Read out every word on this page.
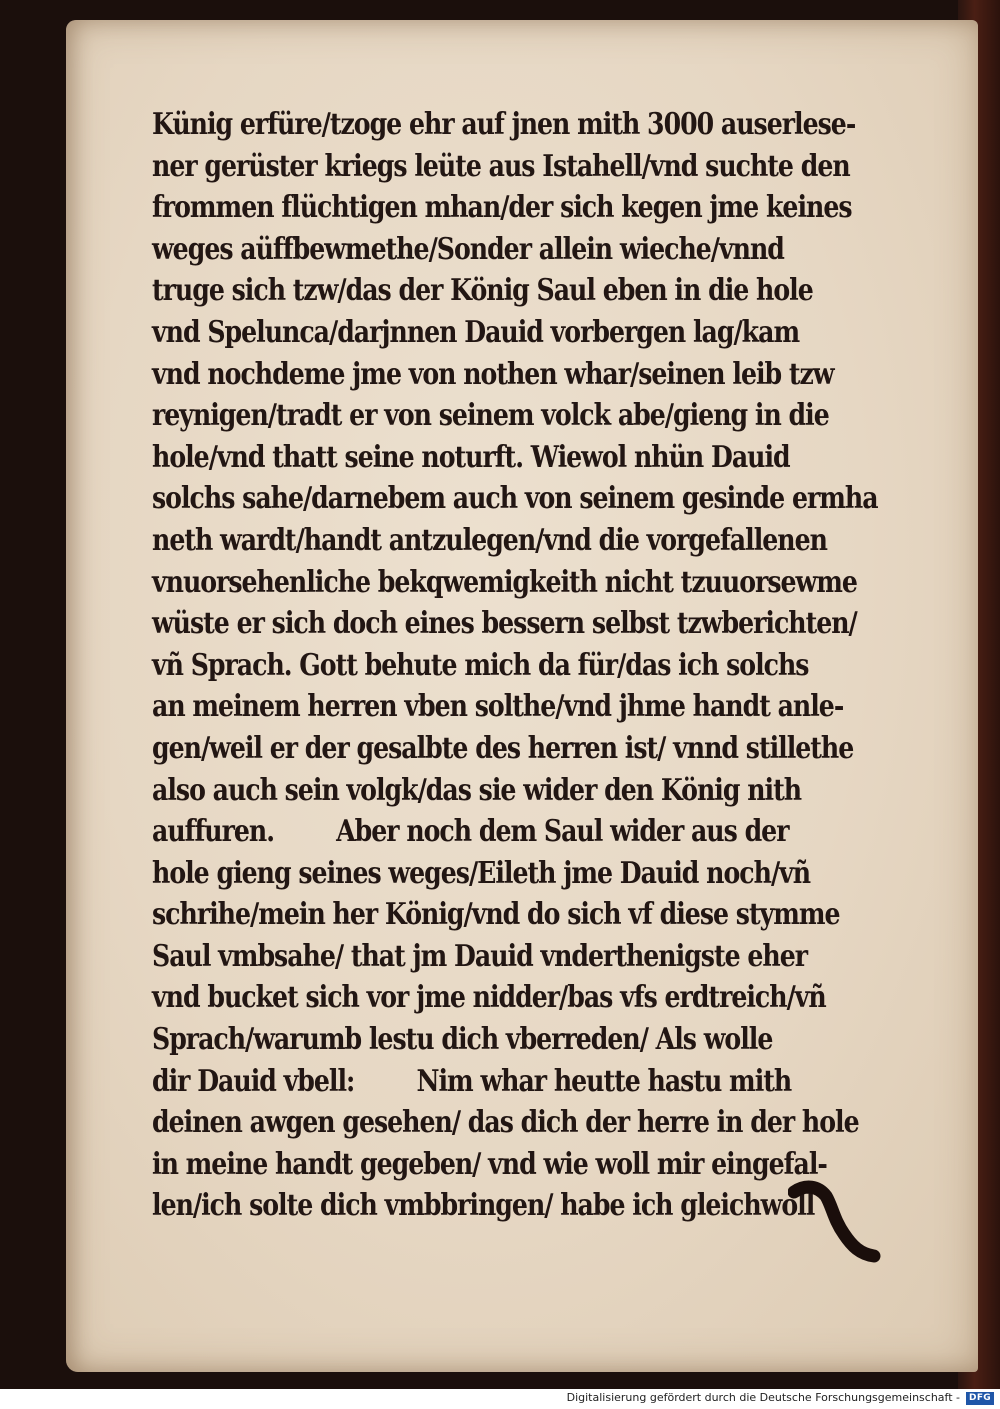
Künig erfüre/tzoge ehr auf jnen mith 3000 auserlese-
ner gerüster kriegs leüte aus Istahell/vnd suchte den
frommen flüchtigen mhan/der sich kegen jme keines
weges aüffbewmethe/Sonder allein wieche/vnnd
truge sich tzw/das der König Saul eben in die hole
vnd Spelunca/darjnnen Dauid vorbergen lag/kam
vnd nochdeme jme von nothen whar/seinen leib tzw
reynigen/tradt er von seinem volck abe/gieng in die
hole/vnd thatt seine noturft. Wiewol nhün Dauid
solchs sahe/darnebem auch von seinem gesinde ermha
neth wardt/handt antzulegen/vnd die vorgefallenen
vnuorsehenliche bekqwemigkeith nicht tzuuorsewme
wüste er sich doch eines bessern selbst tzwberichten/
vñ Sprach. Gott behute mich da für/das ich solchs
an meinem herren vben solthe/vnd jhme handt anle-
gen/weil er der gesalbte des herren ist/ vnnd stillethe
also auch sein volgk/das sie wider den König nith
auffuren.        Aber noch dem Saul wider aus der
hole gieng seines weges/Eileth jme Dauid noch/vñ
schrihe/mein her König/vnd do sich vf diese stymme
Saul vmbsahe/ that jm Dauid vnderthenigste eher
vnd bucket sich vor jme nidder/bas vfs erdtreich/vñ
Sprach/warumb lestu dich vberreden/ Als wolle
dir Dauid vbell:        Nim whar heutte hastu mith
deinen awgen gesehen/ das dich der herre in der hole
in meine handt gegeben/ vnd wie woll mir eingefal-
len/ich solte dich vmbbringen/ habe ich gleichwoll
Digitalisierung gefördert durch die Deutsche Forschungsgemeinschaft -	DFG
